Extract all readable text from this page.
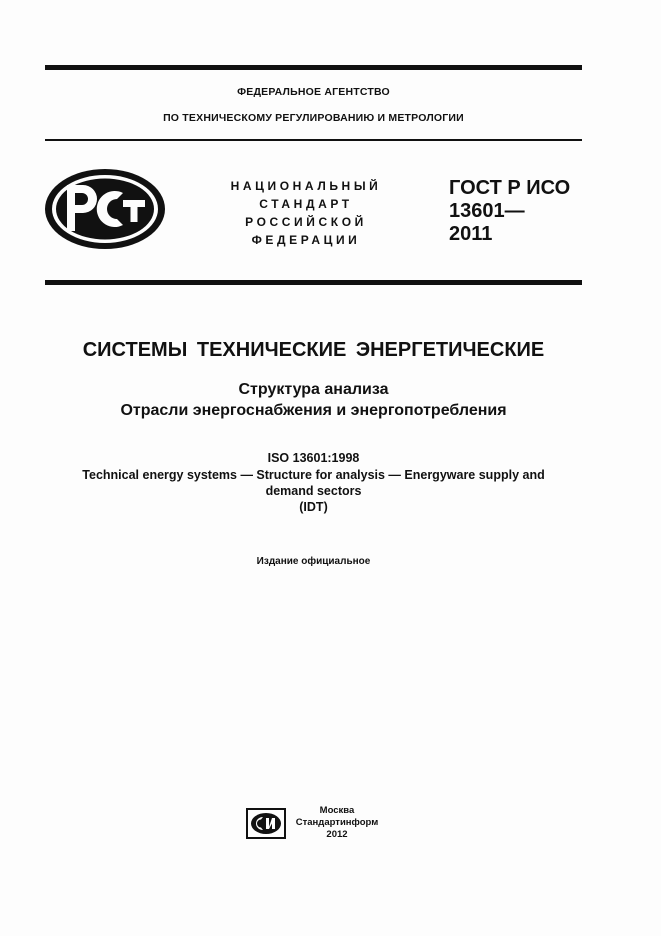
ФЕДЕРАЛЬНОЕ АГЕНТСТВО
ПО ТЕХНИЧЕСКОМУ РЕГУЛИРОВАНИЮ И МЕТРОЛОГИИ
НАЦИОНАЛЬНЫЙ
СТАНДАРТ
РОССИЙСКОЙ
ФЕДЕРАЦИИ
ГОСТ Р ИСО
13601—
2011
СИСТЕМЫ ТЕХНИЧЕСКИЕ ЭНЕРГЕТИЧЕСКИЕ
Структура анализа
Отрасли энергоснабжения и энергопотребления
ISO 13601:1998
Technical energy systems — Structure for analysis — Energyware supply and
demand sectors
(IDT)
Издание официальное
Москва
Стандартинформ
2012
